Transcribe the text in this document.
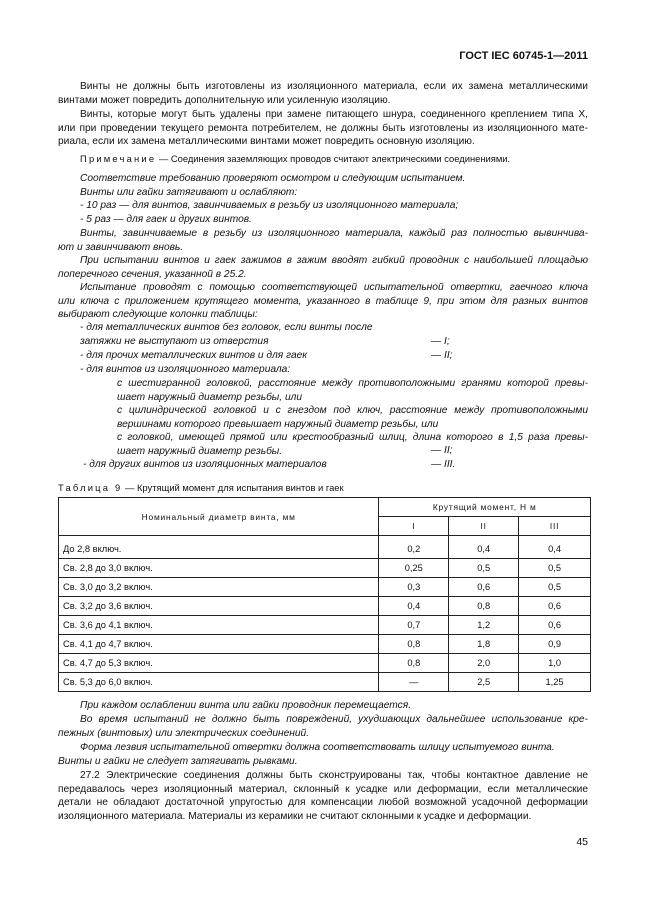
ГОСТ IEC 60745-1—2011
Винты не должны быть изготовлены из изоляционного материала, если их замена металлическими
винтами может повредить дополнительную или усиленную изоляцию.
Винты, которые могут быть удалены при замене питающего шнура, соединенного креплением типа X,
или при проведении текущего ремонта потребителем, не должны быть изготовлены из изоляционного мате-
риала, если их замена металлическими винтами может повредить основную изоляцию.
Примечание — Соединения заземляющих проводов считают электрическими соединениями.
Соответствие требованию проверяют осмотром и следующим испытанием.
Винты или гайки затягивают и ослабляют:
- 10 раз — для винтов, завинчиваемых в резьбу из изоляционного материала;
- 5 раз — для гаек и других винтов.
Винты, завинчиваемые в резьбу из изоляционного материала, каждый раз полностью вывинчива-
ют и завинчивают вновь.
При испытании винтов и гаек зажимов в зажим вводят гибкий проводник с наибольшей площадью
поперечного сечения, указанной в 25.2.
Испытание проводят с помощью соответствующей испытательной отвертки, гаечного ключа
или ключа с приложением крутящего момента, указанного в таблице 9, при этом для разных винтов
выбирают следующие колонки таблицы:
- для металлических винтов без головок, если винты после
затяжки не выступают из отверстия	— I;
- для прочих металлических винтов и для гаек	— II;
- для винтов из изоляционного материала:
с шестигранной головкой, расстояние между противоположными гранями которой превы-
шает наружный диаметр резьбы, или
с цилиндрической головкой и с гнездом под ключ, расстояние между противоположными
вершинами которого превышает наружный диаметр резьбы, или
с головкой, имеющей прямой или крестообразный шлиц, длина которого в 1,5 раза превы-
шает наружный диаметр резьбы.	— II;
- для других винтов из изоляционных материалов	— III.
Таблица 9 — Крутящий момент для испытания винтов и гаек
Номинальный диаметр винта, мм	Крутящий момент, Н м		
	I	II	III

До 2,8 включ.	0,2	0,4	0,4
Св. 2,8 до 3,0 включ.	0,25	0,5	0,5
Св. 3,0 до 3,2 включ.	0,3	0,6	0,5
Св. 3,2 до 3,6 включ.	0,4	0,8	0,6
Св. 3,6 до 4,1 включ.	0,7	1,2	0,6
Св. 4,1 до 4,7 включ.	0,8	1,8	0,9
Св. 4,7 до 5,3 включ.	0,8	2,0	1,0
Св. 5,3 до 6,0 включ.	—	2,5	1,25
При каждом ослаблении винта или гайки проводник перемещается.
Во время испытаний не должно быть повреждений, ухудшающих дальнейшее использование кре-
пежных (винтовых) или электрических соединений.
Форма лезвия испытательной отвертки должна соответствовать шлицу испытуемого винта.
Винты и гайки не следует затягивать рывками.
27.2 Электрические соединения должны быть сконструированы так, чтобы контактное давление не
передавалось через изоляционный материал, склонный к усадке или деформации, если металлические
детали не обладают достаточной упругостью для компенсации любой возможной усадочной деформации
изоляционного материала. Материалы из керамики не считают склонными к усадке и деформации.
45
